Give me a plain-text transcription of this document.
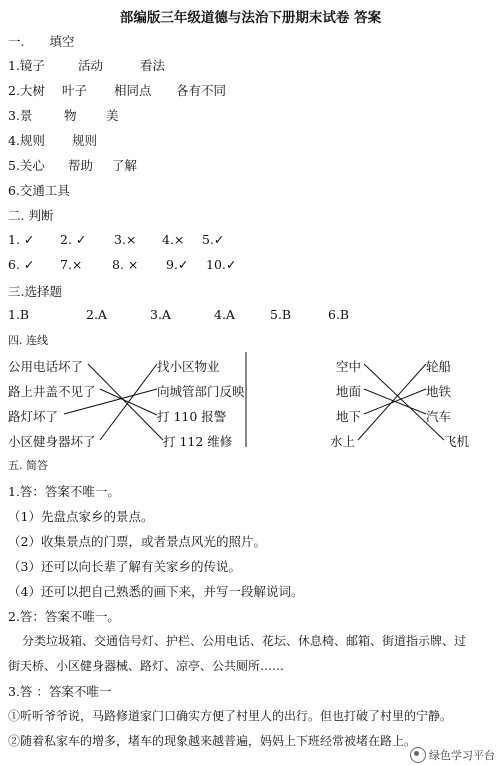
部编版三年级道德与法治下册期末试卷 答案
一.　　填空
1.镜子	活动	看法
2.大树 叶子 相同点 各有不同
3.景	物 美
4.规则 规则
5.关心 帮助 了解
6.交通工具
二. 判断
1. ✓ 2. ✓ 3.× 4.× 5.✓
6. ✓ 7.× 8. × 9.✓ 10.✓
三.选择题
1.B	2.A	3.A	4.A	5.B	6.B
四. 连线
公用电话坏了
路上井盖不见了
路灯坏了
小区健身器坏了
找小区物业
向城管部门反映
打 110 报警
打 112 维修
空中
地面
地下
水上
轮船
地铁
汽车
飞机
五. 简答
1.答：答案不唯一。
（1）先盘点家乡的景点。
（2）收集景点的门票，或者景点风光的照片。
（3）还可以向长辈了解有关家乡的传说。
（4）还可以把自己熟悉的画下来，并写一段解说词。
2.答：答案不唯一。
分类垃圾箱、交通信号灯、护栏、公用电话、花坛、休息椅、邮箱、街道指示牌、过
街天桥、小区健身器械、路灯、凉亭、公共厕所……
3.答 ：答案不唯一
①听听爷爷说，马路修道家门口确实方便了村里人的出行。但也打破了村里的宁静。
②随着私家车的增多，堵车的现象越来越普遍，妈妈上下班经常被堵在路上。
绿色学习平台
